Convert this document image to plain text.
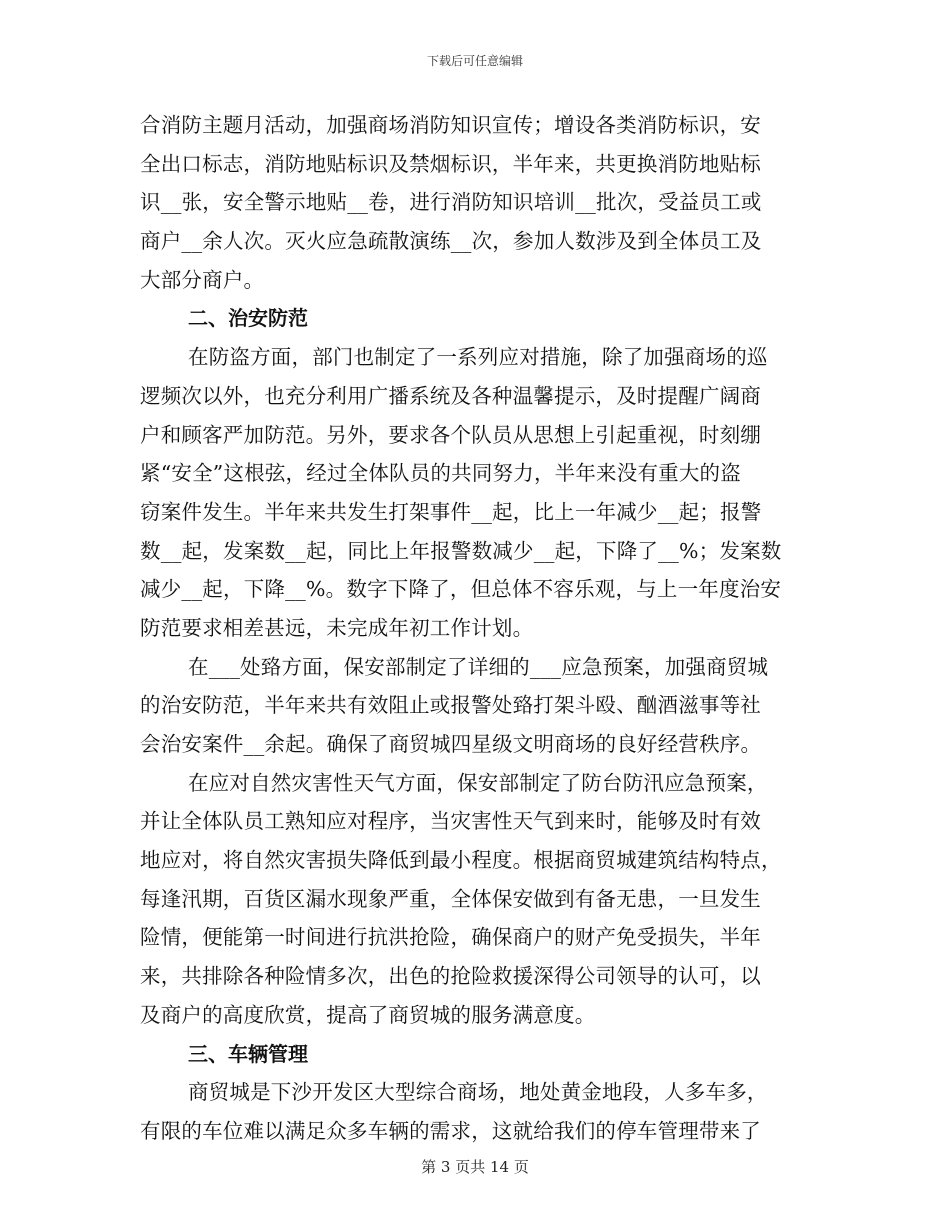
下载后可任意编辑
合消防主题月活动，加强商场消防知识宣传；增设各类消防标识，安
全出口标志，消防地贴标识及禁烟标识，半年来，共更换消防地贴标
识__张，安全警示地贴__卷，进行消防知识培训__批次，受益员工或
商户__余人次。灭火应急疏散演练__次，参加人数涉及到全体员工及
大部分商户。
二、治安防范
在防盗方面，部门也制定了一系列应对措施，除了加强商场的巡
逻频次以外，也充分利用广播系统及各种温馨提示，及时提醒广阔商
户和顾客严加防范。另外，要求各个队员从思想上引起重视，时刻绷
紧“安全”这根弦，经过全体队员的共同努力，半年来没有重大的盗
窃案件发生。半年来共发生打架事件__起，比上一年减少__起；报警
数__起，发案数__起，同比上年报警数减少__起，下降了__%；发案数
减少__起，下降__%。数字下降了，但总体不容乐观，与上一年度治安
防范要求相差甚远，未完成年初工作计划。
在___处臵方面，保安部制定了详细的___应急预案，加强商贸城
的治安防范，半年来共有效阻止或报警处臵打架斗殴、酗酒滋事等社
会治安案件__余起。确保了商贸城四星级文明商场的良好经营秩序。
在应对自然灾害性天气方面，保安部制定了防台防汛应急预案，
并让全体队员工熟知应对程序，当灾害性天气到来时，能够及时有效
地应对，将自然灾害损失降低到最小程度。根据商贸城建筑结构特点，
每逢汛期，百货区漏水现象严重，全体保安做到有备无患，一旦发生
险情，便能第一时间进行抗洪抢险，确保商户的财产免受损失，半年
来，共排除各种险情多次，出色的抢险救援深得公司领导的认可，以
及商户的高度欣赏，提高了商贸城的服务满意度。
三、车辆管理
商贸城是下沙开发区大型综合商场，地处黄金地段，人多车多，
有限的车位难以满足众多车辆的需求，这就给我们的停车管理带来了
第 3 页共 14 页
